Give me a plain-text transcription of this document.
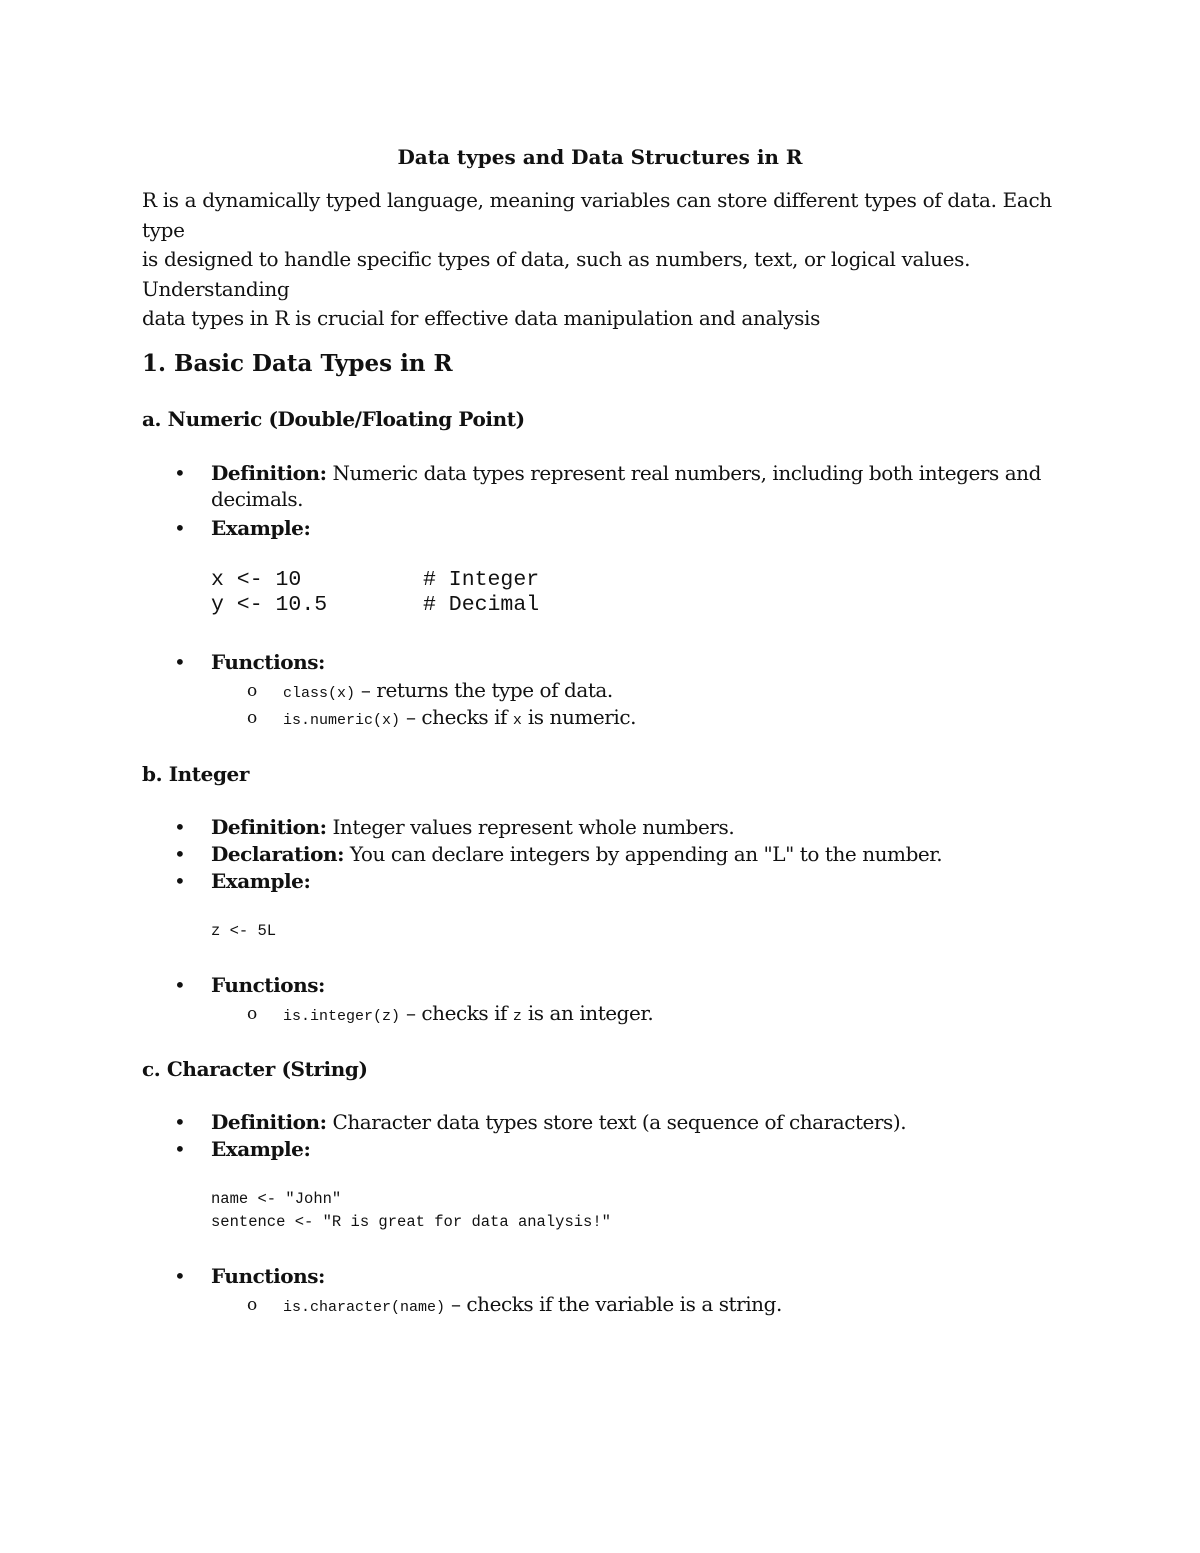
Data types and Data Structures in R

R is a dynamically typed language, meaning variables can store different types of data. Each type

is designed to handle specific types of data, such as numbers, text, or logical values. Understanding

data types in R is crucial for effective data manipulation and analysis

1. Basic Data Types in R
a. Numeric (Double/Floating Point)
• Definition: Numeric data types represent real numbers, including both integers and
decimals.
• Example:
x <- 10	# Integer
y <- 10.5	# Decimal
• Functions:
o class(x) – returns the type of data.
o is.numeric(x) – checks if x is numeric.
b. Integer
• Definition: Integer values represent whole numbers.
• Declaration: You can declare integers by appending an "L" to the number.
• Example:
z <- 5L
• Functions:
o is.integer(z) – checks if z is an integer.
c. Character (String)
• Definition: Character data types store text (a sequence of characters).
• Example:
name <- "John"
sentence <- "R is great for data analysis!"
• Functions:
o is.character(name) – checks if the variable is a string.
